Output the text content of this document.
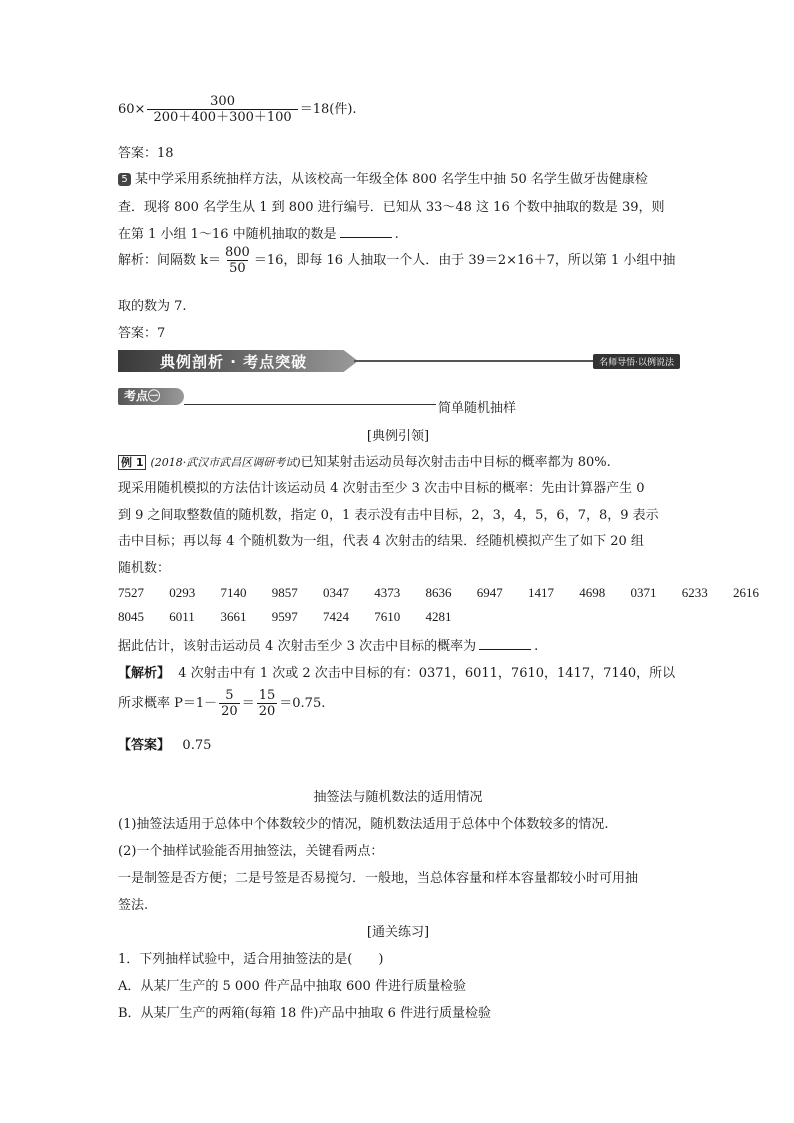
$60\times \frac{300}{200+400+300+100} =18$(件).
答案：18
5 某中学采用系统抽样方法，从该校高一年级全体 800 名学生中抽 50 名学生做牙齿健康检
查．现将 800 名学生从 1 到 800 进行编号．已知从 33～48 这 16 个数中抽取的数是 39，则
在第 1 小组 1～16 中随机抽取的数是	.
解析：间隔数 $k= \frac{800}{50} =16$，即每 16 人抽取一个人．由于 39＝2×16＋7，所以第 1 小组中抽
取的数为 7.
答案：7
典例剖析 · 考点突破	名师导悟·以例说法
考点㊀
简单随机抽样
[典例引领]
例 1 (2018·武汉市武昌区调研考试)已知某射击运动员每次射击击中目标的概率都为 80%.
现采用随机模拟的方法估计该运动员 4 次射击至少 3 次击中目标的概率：先由计算器产生 0
到 9 之间取整数值的随机数，指定 0，1 表示没有击中目标，2，3，4，5，6，7，8，9 表示
击中目标；再以每 4 个随机数为一组，代表 4 次射击的结果．经随机模拟产生了如下 20 组
随机数：
7527 0293 7140 9857 0347 4373 8636 6947 1417 4698 0371 6233 2616
8045 6011 3661 9597 7424 7610 4281
据此估计，该射击运动员 4 次射击至少 3 次击中目标的概率为	.
【解析】 4 次射击中有 1 次或 2 次击中目标的有：0371，6011，7610，1417，7140，所以
所求概率 $P=1- \frac{5}{20} = \frac{15}{20} =0.75$.
【答案】 0.75
抽签法与随机数法的适用情况
(1)抽签法适用于总体中个体数较少的情况，随机数法适用于总体中个体数较多的情况.
(2)一个抽样试验能否用抽签法，关键看两点：
一是制签是否方便；二是号签是否易搅匀．一般地，当总体容量和样本容量都较小时可用抽
签法.
[通关练习]
1．下列抽样试验中，适合用抽签法的是(　　)
A．从某厂生产的 5 000 件产品中抽取 600 件进行质量检验
B．从某厂生产的两箱(每箱 18 件)产品中抽取 6 件进行质量检验
